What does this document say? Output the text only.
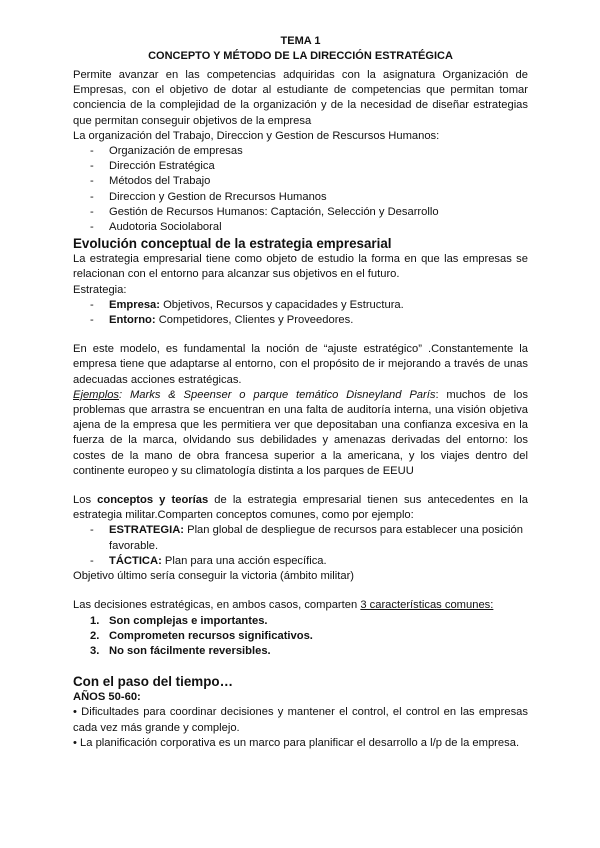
TEMA 1
CONCEPTO Y MÉTODO DE LA DIRECCIÓN ESTRATÉGICA

Permite avanzar en las competencias adquiridas con la asignatura Organización de Empresas, con el objetivo de dotar al estudiante de competencias que permitan tomar conciencia de la complejidad de la organización y de la necesidad de diseñar estrategias que permitan conseguir objetivos de la empresa

La organización del Trabajo, Direccion y Gestion de Rescursos Humanos:

- Organización de empresas
- Dirección Estratégica
- Métodos del Trabajo
- Direccion y Gestion de Rrecursos Humanos
- Gestión de Recursos Humanos: Captación, Selección y Desarrollo
- Audotoria Sociolaboral
Evolución conceptual de la estrategia empresarial

La estrategia empresarial tiene como objeto de estudio la forma en que las empresas se relacionan con el entorno para alcanzar sus objetivos en el futuro.

Estrategia:

- Empresa: Objetivos, Recursos y capacidades y Estructura.
- Entorno: Competidores, Clientes y Proveedores.

En este modelo, es fundamental la noción de “ajuste estratégico” .Constantemente la empresa tiene que adaptarse al entorno, con el propósito de ir mejorando a través de unas adecuadas acciones estratégicas.

Ejemplos: Marks & Speenser o parque temático Disneyland París: muchos de los problemas que arrastra se encuentran en una falta de auditoría interna, una visión objetiva ajena de la empresa que les permitiera ver que depositaban una confianza excesiva en la fuerza de la marca, olvidando sus debilidades y amenazas derivadas del entorno: los costes de la mano de obra francesa superior a la americana, y los viajes dentro del continente europeo y su climatología distinta a los parques de EEUU

Los conceptos y teorías de la estrategia empresarial tienen sus antecedentes en la estrategia militar.Comparten conceptos comunes, como por ejemplo:

- ESTRATEGIA: Plan global de despliegue de recursos para establecer una posición favorable.
- TÁCTICA: Plan para una acción específica.

Objetivo último sería conseguir la victoria (ámbito militar)

Las decisiones estratégicas, en ambos casos, comparten 3 características comunes:

1. Son complejas e importantes.
2. Comprometen recursos significativos.
3. No son fácilmente reversibles.
Con el paso del tiempo…

AÑOS 50-60:

• Dificultades para coordinar decisiones y mantener el control, el control en las empresas cada vez más grande y complejo.

• La planificación corporativa es un marco para planificar el desarrollo a l/p de la empresa.
